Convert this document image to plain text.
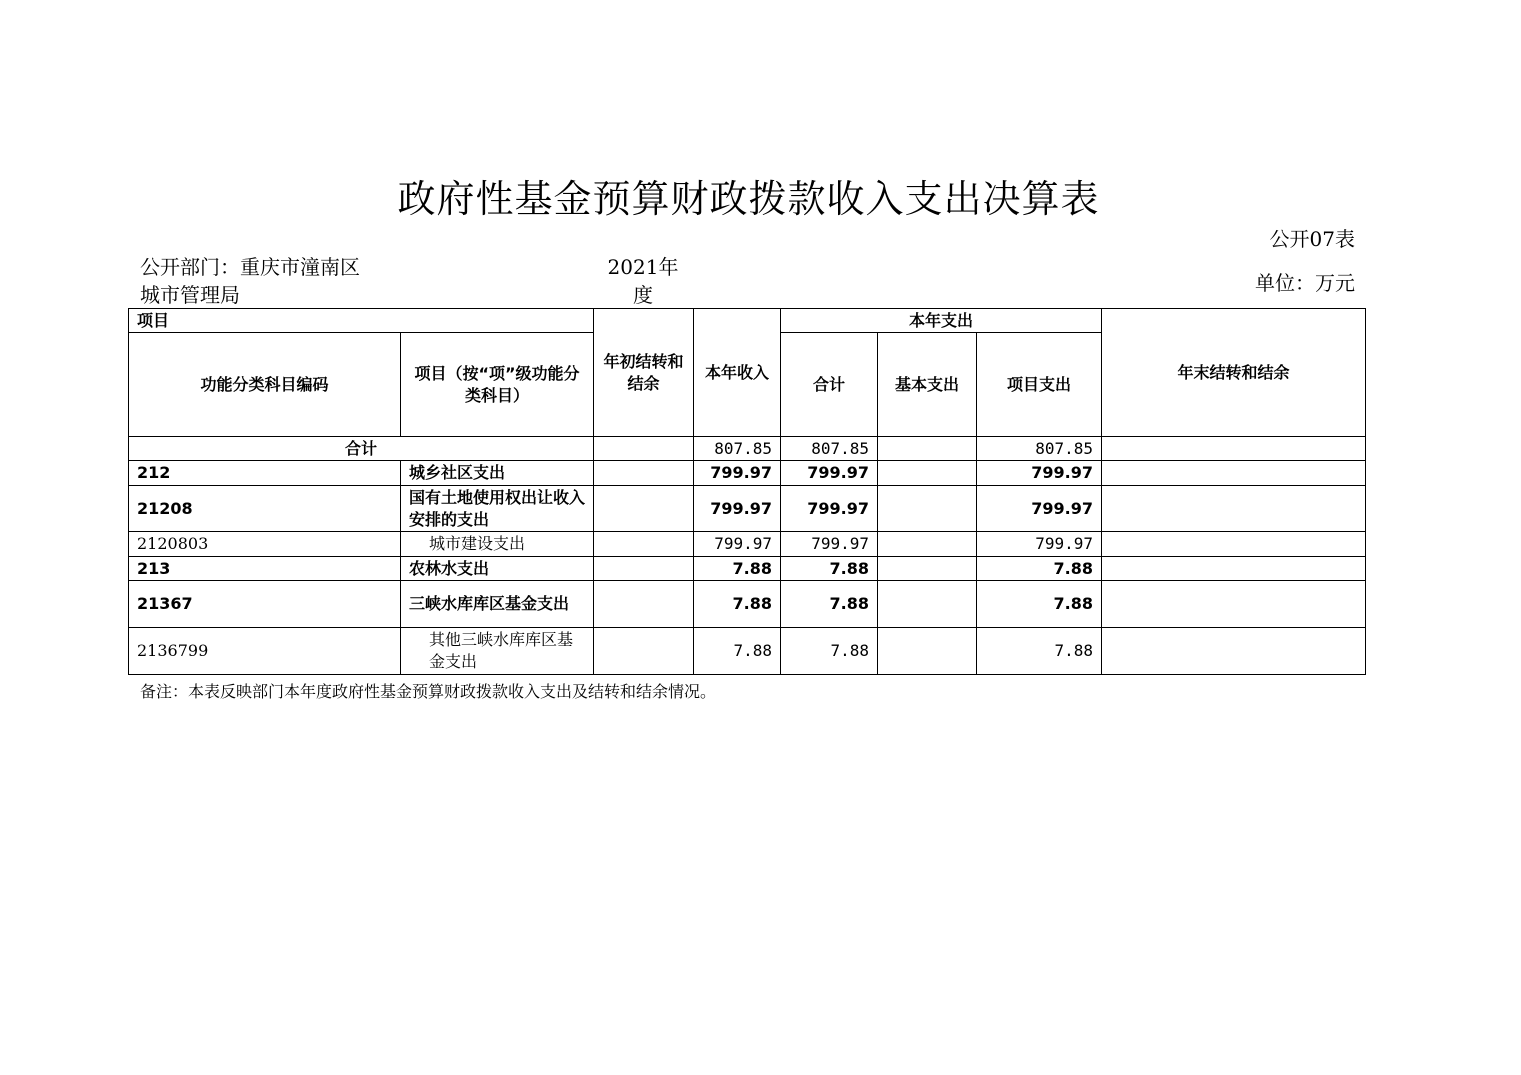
政府性基金预算财政拨款收入支出决算表
公开07表
公开部门：重庆市潼南区城市管理局
2021年度	单位：万元
项目		年初结转和结余	本年收入	本年支出			年末结转和结余
功能分类科目编码	项目（按“项”级功能分类科目）			合计	基本支出	项目支出	
合计			807.85	807.85		807.85	
212	城乡社区支出		799.97	799.97		799.97	
21208	国有土地使用权出让收入安排的支出		799.97	799.97		799.97	
2120803	城市建设支出		799.97	799.97		799.97	
213	农林水支出		7.88	7.88		7.88	
21367	三峡水库库区基金支出		7.88	7.88		7.88	
2136799	其他三峡水库库区基金支出		7.88	7.88		7.88	
备注：本表反映部门本年度政府性基金预算财政拨款收入支出及结转和结余情况。
